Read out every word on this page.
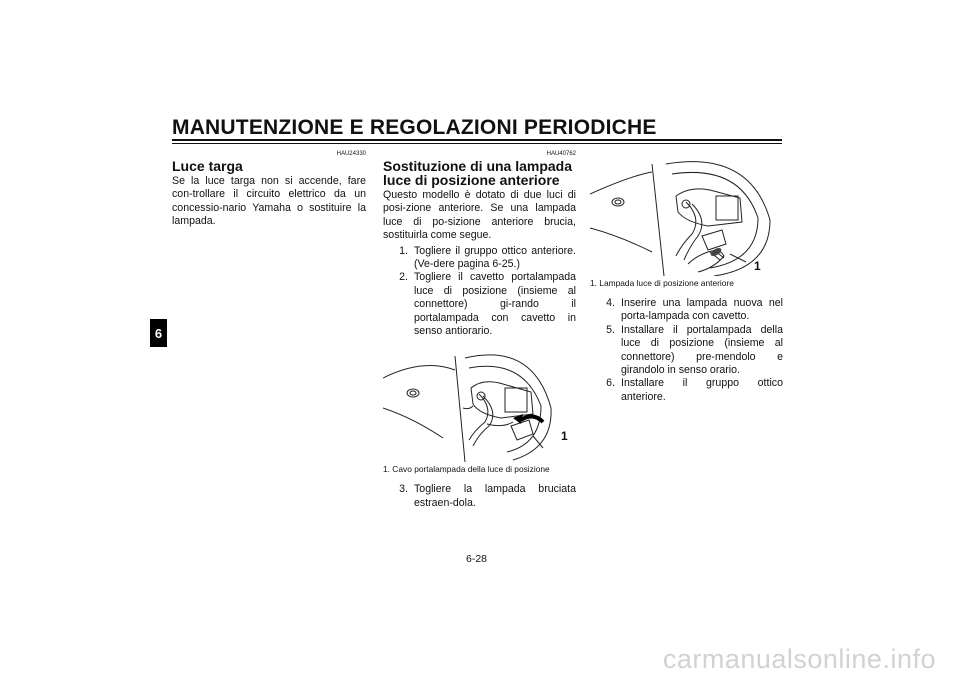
MANUTENZIONE E REGOLAZIONI PERIODICHE
6
HAU24330
Luce targa

Se la luce targa non si accende, fare con-trollare il circuito elettrico da un concessio-nario Yamaha o sostituire la lampada.

HAU40762
Sostituzione di una lampada luce di posizione anteriore

Questo modello è dotato di due luci di posi-zione anteriore. Se una lampada luce di po-sizione anteriore brucia, sostituirla come segue.

1. Togliere il gruppo ottico anteriore. (Ve-dere pagina 6-25.)
2. Togliere il cavetto portalampada luce di posizione (insieme al connettore) gi-rando il portalampada con cavetto in senso antiorario.
1
1. Cavo portalampada della luce di posizione
3. Togliere la lampada bruciata estraen-dola.
1
1. Lampada luce di posizione anteriore
4. Inserire una lampada nuova nel porta-lampada con cavetto.
5. Installare il portalampada della luce di posizione (insieme al connettore) pre-mendolo e girandolo in senso orario.
6. Installare il gruppo ottico anteriore.
6-28
carmanualsonline.info
